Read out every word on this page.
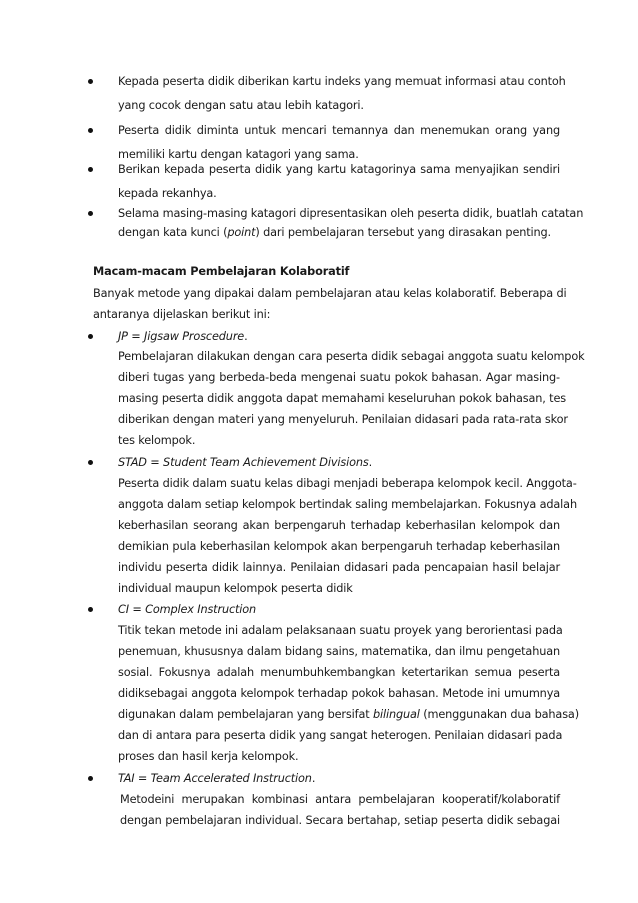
Kepada peserta didik diberikan kartu indeks yang memuat informasi atau contoh
yang cocok dengan satu atau lebih katagori.
Peserta didik diminta untuk mencari temannya dan menemukan orang yang
memiliki kartu dengan katagori yang sama.
Berikan kepada peserta didik yang kartu katagorinya sama menyajikan sendiri
kepada rekanhya.
Selama masing-masing katagori dipresentasikan oleh peserta didik, buatlah catatan
dengan kata kunci (point) dari pembelajaran tersebut yang dirasakan penting.
Macam-macam Pembelajaran Kolaboratif
Banyak metode yang dipakai dalam pembelajaran atau kelas kolaboratif. Beberapa di
antaranya dijelaskan berikut ini:
JP = Jigsaw Proscedure.
Pembelajaran dilakukan dengan cara peserta didik sebagai anggota suatu kelompok
diberi tugas yang berbeda-beda mengenai suatu pokok bahasan. Agar masing-
masing peserta didik anggota dapat memahami keseluruhan pokok bahasan, tes
diberikan dengan materi yang menyeluruh. Penilaian didasari pada rata-rata skor
tes kelompok.
STAD = Student Team Achievement Divisions.
Peserta didik dalam suatu kelas dibagi menjadi beberapa kelompok kecil. Anggota-
anggota dalam setiap kelompok bertindak saling membelajarkan. Fokusnya adalah
keberhasilan seorang akan berpengaruh terhadap keberhasilan kelompok dan
demikian pula keberhasilan kelompok akan berpengaruh terhadap keberhasilan
individu peserta didik lainnya. Penilaian didasari pada pencapaian hasil belajar
individual maupun kelompok peserta didik
CI = Complex Instruction
Titik tekan metode ini adalam pelaksanaan suatu proyek yang berorientasi pada
penemuan, khususnya dalam bidang sains, matematika, dan ilmu pengetahuan
sosial. Fokusnya adalah menumbuhkembangkan ketertarikan semua peserta
didiksebagai anggota kelompok terhadap pokok bahasan. Metode ini umumnya
digunakan dalam pembelajaran yang bersifat bilingual (menggunakan dua bahasa)
dan di antara para peserta didik yang sangat heterogen. Penilaian didasari pada
proses dan hasil kerja kelompok.
TAI = Team Accelerated Instruction.
Metodeini merupakan kombinasi antara pembelajaran kooperatif/kolaboratif
dengan pembelajaran individual. Secara bertahap, setiap peserta didik sebagai
